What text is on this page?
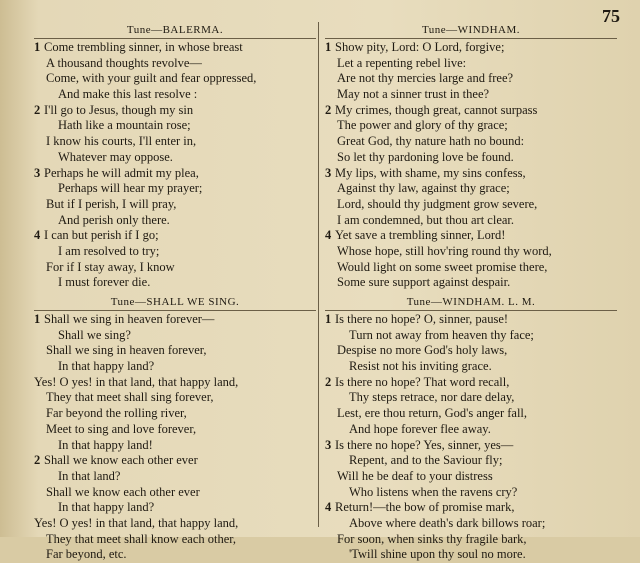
75
Tune—BALERMA.
1 Come trembling sinner, in whose breast
A thousand thoughts revolve—
Come, with your guilt and fear oppressed,
And make this last resolve :
2 I'll go to Jesus, though my sin
Hath like a mountain rose;
I know his courts, I'll enter in,
Whatever may oppose.
3 Perhaps he will admit my plea,
Perhaps will hear my prayer;
But if I perish, I will pray,
And perish only there.
4 I can but perish if I go;
I am resolved to try;
For if I stay away, I know
I must forever die.
Tune—SHALL WE SING.
1 Shall we sing in heaven forever—
Shall we sing?
Shall we sing in heaven forever,
In that happy land?
Yes! O yes! in that land, that happy land,
They that meet shall sing forever,
Far beyond the rolling river,
Meet to sing and love forever,
In that happy land!
2 Shall we know each other ever
In that land?
Shall we know each other ever
In that happy land?
Yes! O yes! in that land, that happy land,
They that meet shall know each other,
Far beyond, etc.
Tune—WINDHAM.
1 Show pity, Lord: O Lord, forgive;
Let a repenting rebel live:
Are not thy mercies large and free?
May not a sinner trust in thee?
2 My crimes, though great, cannot surpass
The power and glory of thy grace;
Great God, thy nature hath no bound:
So let thy pardoning love be found.
3 My lips, with shame, my sins confess,
Against thy law, against thy grace;
Lord, should thy judgment grow severe,
I am condemned, but thou art clear.
4 Yet save a trembling sinner, Lord!
Whose hope, still hov'ring round thy word,
Would light on some sweet promise there,
Some sure support against despair.
Tune—WINDHAM. L. M.
1 Is there no hope? O, sinner, pause!
Turn not away from heaven thy face;
Despise no more God's holy laws,
Resist not his inviting grace.
2 Is there no hope? That word recall,
Thy steps retrace, nor dare delay,
Lest, ere thou return, God's anger fall,
And hope forever flee away.
3 Is there no hope? Yes, sinner, yes—
Repent, and to the Saviour fly;
Will he be deaf to your distress
Who listens when the ravens cry?
4 Return!—the bow of promise mark,
Above where death's dark billows roar;
For soon, when sinks thy fragile bark,
'Twill shine upon thy soul no more.
